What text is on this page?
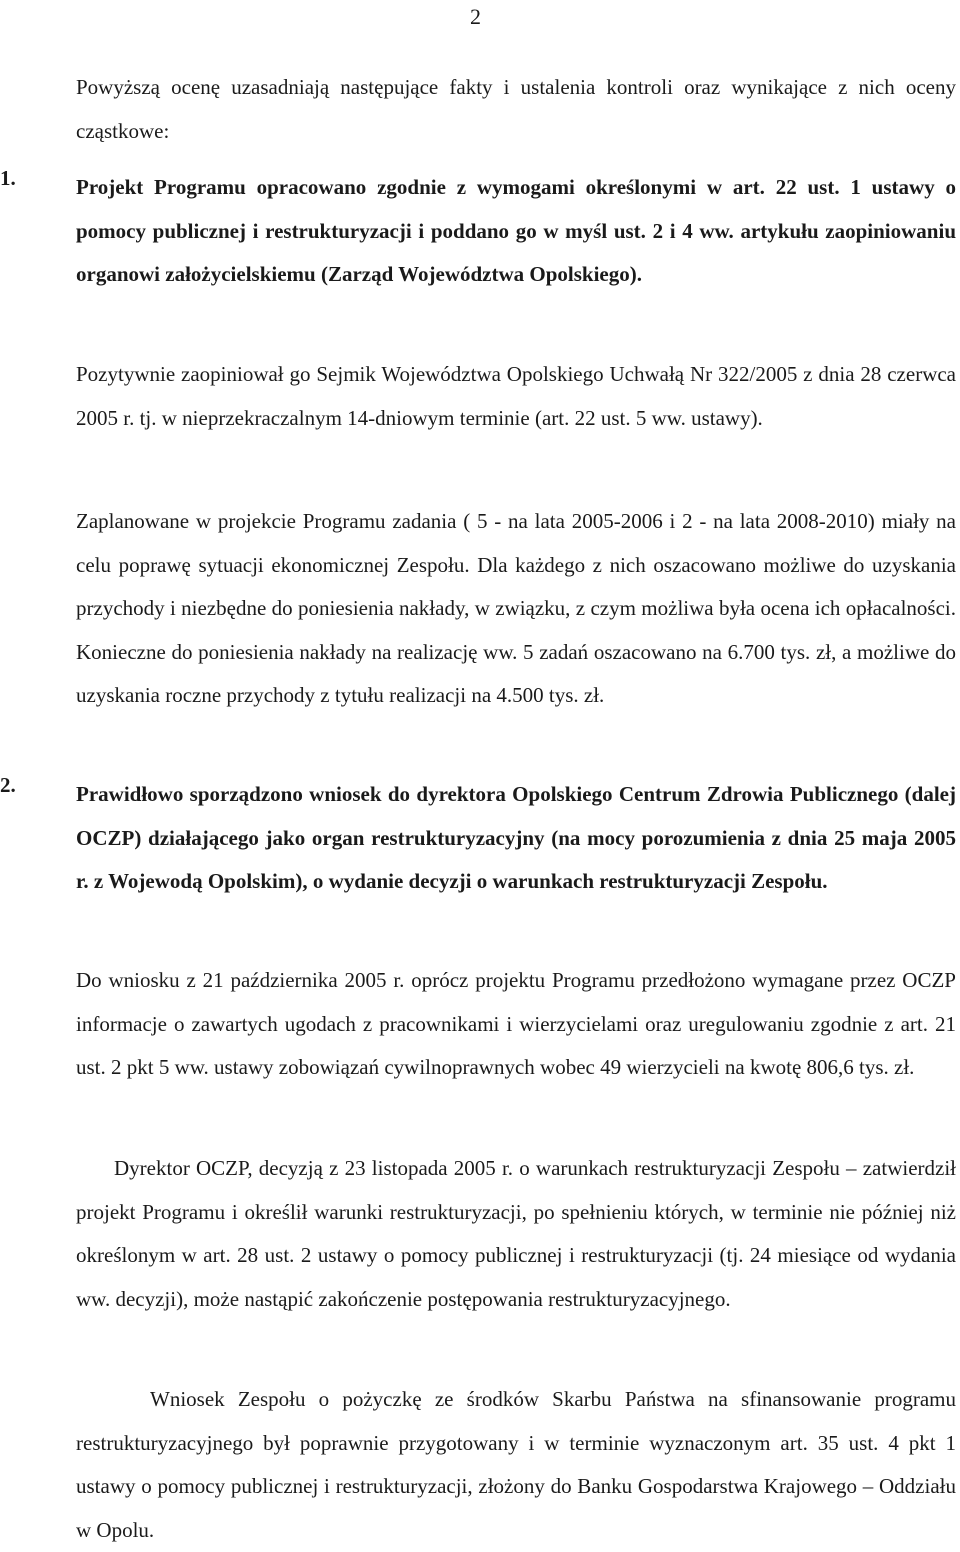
2
Powyższą ocenę uzasadniają następujące fakty i ustalenia kontroli oraz wynikające z nich oceny cząstkowe:
1.	Projekt Programu opracowano zgodnie z wymogami określonymi w art. 22 ust. 1 ustawy o pomocy publicznej i restrukturyzacji i poddano go w myśl ust. 2 i 4 ww. artykułu zaopiniowaniu organowi założycielskiemu (Zarząd Województwa Opolskiego).
Pozytywnie zaopiniował go Sejmik Województwa Opolskiego Uchwałą Nr 322/2005 z dnia 28 czerwca 2005 r. tj. w nieprzekraczalnym 14-dniowym terminie (art. 22 ust. 5 ww. ustawy).
Zaplanowane w projekcie Programu zadania ( 5 - na lata 2005-2006 i 2 - na lata 2008-2010) miały na celu poprawę sytuacji ekonomicznej Zespołu. Dla każdego z nich oszacowano możliwe do uzyskania przychody i niezbędne do poniesienia nakłady, w związku, z czym możliwa była ocena ich opłacalności. Konieczne do poniesienia nakłady na realizację ww. 5 zadań oszacowano na 6.700 tys. zł, a możliwe do uzyskania roczne przychody z tytułu realizacji na 4.500 tys. zł.
2.	Prawidłowo sporządzono wniosek do dyrektora Opolskiego Centrum Zdrowia Publicznego (dalej OCZP) działającego jako organ restrukturyzacyjny (na mocy porozumienia z dnia 25 maja 2005 r. z Wojewodą Opolskim), o wydanie decyzji o warunkach restrukturyzacji Zespołu.
Do wniosku z 21 października 2005 r. oprócz projektu Programu przedłożono wymagane przez OCZP informacje o zawartych ugodach z pracownikami i wierzycielami oraz uregulowaniu zgodnie z art. 21 ust. 2 pkt 5 ww. ustawy zobowiązań cywilnoprawnych wobec 49 wierzycieli na kwotę 806,6 tys. zł.
Dyrektor OCZP, decyzją z 23 listopada 2005 r. o warunkach restrukturyzacji Zespołu – zatwierdził projekt Programu i określił warunki restrukturyzacji, po spełnieniu których, w terminie nie później niż określonym w art. 28 ust. 2 ustawy o pomocy publicznej i restrukturyzacji (tj. 24 miesiące od wydania ww. decyzji), może nastąpić zakończenie postępowania restrukturyzacyjnego.
Wniosek Zespołu o pożyczkę ze środków Skarbu Państwa na sfinansowanie programu restrukturyzacyjnego był poprawnie przygotowany i w terminie wyznaczonym art. 35 ust. 4 pkt 1 ustawy o pomocy publicznej i restrukturyzacji, złożony do Banku Gospodarstwa Krajowego – Oddziału w Opolu.
